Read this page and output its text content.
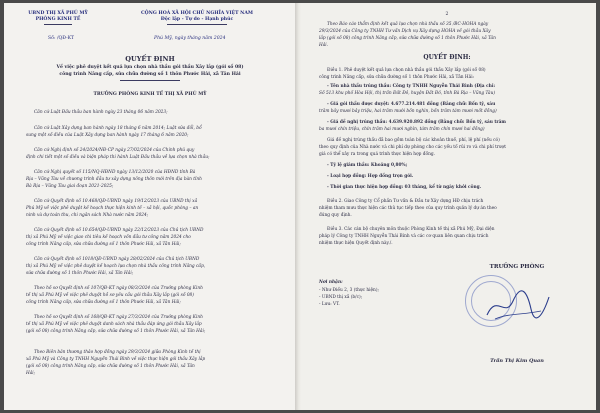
UBND THỊ XÃ PHÚ MỸ
PHÒNG KINH TẾ
Số: /QĐ-KT
CỘNG HOÀ XÃ HỘI CHỦ NGHĨA VIỆT NAM
Độc lập - Tự do - Hạnh phúc
Phú Mỹ, ngày tháng năm 2024
QUYẾT ĐỊNH
Về việc phê duyệt kết quả lựa chọn nhà thầu gói thầu Xây lắp (gói số 08)
công trình Nâng cấp, sửa chữa đường số 1 thôn Phước Hải, xã Tân Hải
TRƯỞNG PHÒNG KINH TẾ THỊ XÃ PHÚ MỸ
Căn cứ Luật Đấu thầu ban hành ngày 23 tháng 06 năm 2023;
Căn cứ Luật Xây dựng ban hành ngày 18 tháng 6 năm 2014; Luật sửa đổi, bổ
sung một số điều của Luật Xây dựng ban hành ngày 17 tháng 6 năm 2020;
Căn cứ Nghị định số 24/2024/NĐ-CP ngày 27/02/2024 của Chính phủ quy
định chi tiết một số điều và biện pháp thi hành Luật Đấu thầu về lựa chọn nhà thầu;
Căn cứ Nghị quyết số 115/NQ-HĐND ngày 13/12/2020 của HĐND tỉnh Bà
Rịa – Vũng Tàu về chương trình đầu tư xây dựng nông thôn mới trên địa bàn tỉnh
Bà Rịa – Vũng Tàu giai đoạn 2021-2025;
Căn cứ Quyết định số 10.468/QĐ-UBND ngày 19/12/2023 của UBND thị xã
Phú Mỹ về việc phê duyệt kế hoạch thực hiện kinh tế – xã hội, quốc phòng – an
ninh và dự toán thu, chi ngân sách Nhà nước năm 2024;
Căn cứ Quyết định số 10.654/QĐ-UBND ngày 22/12/2023 của Chủ tịch UBND
thị xã Phú Mỹ về việc giao chi tiêu kế hoạch vốn đầu tư công năm 2024 cho
công trình Nâng cấp, sửa chữa đường số 1 thôn Phước Hải, xã Tân Hải;
Căn cứ Quyết định số 1018/QĐ-UBND ngày 28/02/2024 của Chủ tịch UBND
thị xã Phú Mỹ về việc phê duyệt kế hoạch lựa chọn nhà thầu công trình Nâng cấp,
sửa chữa đường số 1 thôn Phước Hải, xã Tân Hải;
Theo hồ sơ Quyết định số 107/QĐ-KT ngày 08/3/2024 của Trưởng phòng Kinh
tế thị xã Phú Mỹ về việc phê duyệt hồ sơ yêu cầu gói thầu Xây lắp (gói số 08)
công trình Nâng cấp, sửa chữa đường số 1 thôn Phước Hải, xã Tân Hải;
Theo hồ sơ Quyết định số 168/QĐ-KT ngày 27/3/2024 của Trưởng phòng Kinh
tế thị xã Phú Mỹ về việc phê duyệt danh sách nhà thầu đáp ứng gói thầu Xây lắp
(gói số 08) công trình Nâng cấp, sửa chữa đường số 1 thôn Phước Hải, xã Tân Hải;
Theo Biên bản thương thảo hợp đồng ngày 29/3/2024 giữa Phòng Kinh tế thị
xã Phú Mỹ và Công ty TNHH Nguyễn Thái Bình về việc thực hiện gói thầu Xây lắp
(gói số 08) công trình Nâng cấp, sửa chữa đường số 1 thôn Phước Hải, xã Tân
Hải;
2
Theo Báo cáo thẩm định kết quả lựa chọn nhà thầu số 35 /BC-HOHA ngày
29/3/2024 của Công ty TNHH Tư vấn Dịch vụ Xây dựng HOHA về gói thầu Xây
lắp (gói số 08) công trình Nâng cấp, sửa chữa đường số 1 thôn Phước Hải, xã Tân
Hải.
QUYẾT ĐỊNH:
Điều 1. Phê duyệt kết quả lựa chọn nhà thầu gói thầu Xây lắp (gói số 08)
công trình Nâng cấp, sửa chữa đường số 1 thôn Phước Hải, xã Tân Hải:
- Tên nhà thầu trúng thầu: Công ty TNHH Nguyễn Thái Bình (Địa chỉ:
Số 513 khu phố Hòa Hội, thị trấn Đất Đỏ, huyện Đất Đỏ, tỉnh Bà Rịa – Vũng Tàu)
- Giá gói thầu được duyệt: 4.677.214.481 đồng (Bằng chữ: Bốn tỷ, sáu
trăm bảy mươi bảy triệu, hai trăm mười bốn nghìn, bốn trăm tám mươi mốt đồng)
- Giá đề nghị trúng thầu: 4.639.920.892 đồng (Bằng chữ: Bốn tỷ, sáu trăm
ba mươi chín triệu, chín trăm hai mươi nghìn, tám trăm chín mươi hai đồng)
Giá đề nghị trúng thầu đã bao gồm toàn bộ các khoản thuế, phí, lệ phí (nếu có)
theo quy định của Nhà nước và chi phí dự phòng cho các yếu tố rủi ro và chi phí trượt
giá có thể xảy ra trong quá trình thực hiện hợp đồng.
- Tỷ lệ giảm thầu: Khoảng 0,80%;
- Loại hợp đồng: Hợp đồng trọn gói.
- Thời gian thực hiện hợp đồng: 03 tháng, kể từ ngày khởi công.
Điều 2. Giao Công ty Cổ phần Tư vấn & Đầu tư Xây dựng HĐ chịu trách
nhiệm tham mưu thực hiện các thủ tục tiếp theo của quy trình quản lý dự án theo
đúng quy định.
Điều 3. Các cán bộ chuyên môn thuộc Phòng Kinh tế thị xã Phú Mỹ, Đại diện
pháp lý Công ty TNHH Nguyễn Thái Bình và các cơ quan liên quan chịu trách
nhiệm thực hiện Quyết định này./.
Nơi nhận:
- Như Điều 2, 3 (thực hiện);
- UBND thị xã (b/c);
- Lưu: VT.
TRƯỞNG PHÒNG
Trần Thị Kim Quan
